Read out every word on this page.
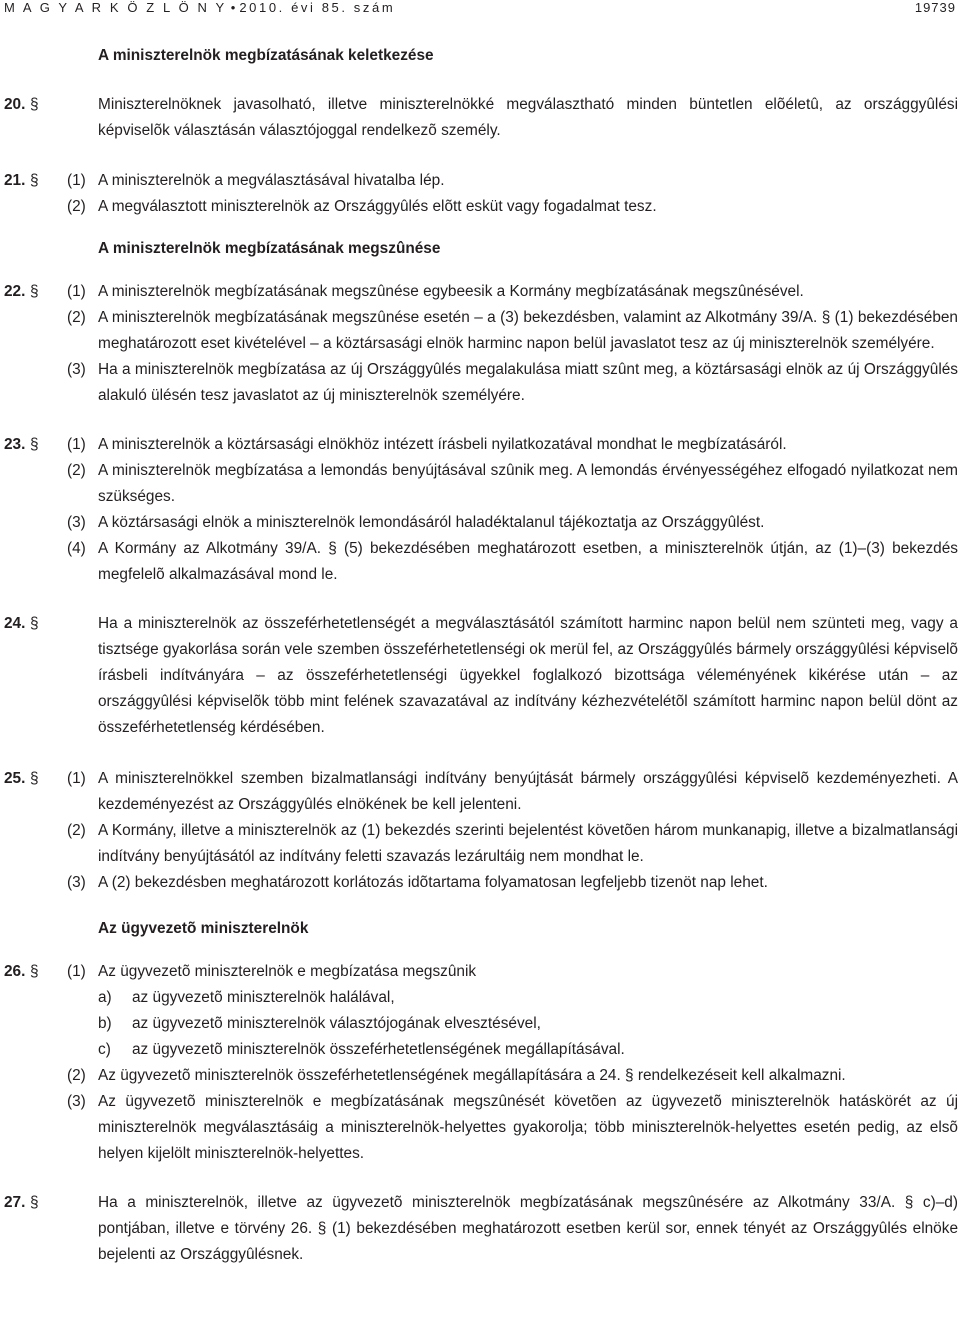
M A G Y A R K Ö Z L Ö N Y • 2010. évi 85. szám	19739

A miniszterelnök megbízatásának keletkezése

20. §	Miniszterelnöknek javasolható, illetve miniszterelnökké megválasztható minden büntetlen elõéletû, az országgyûlési képviselõk választásán választójoggal rendelkezõ személy.
21. § (1) A miniszterelnök a megválasztásával hivatalba lép.
(2) A megválasztott miniszterelnök az Országgyûlés elõtt esküt vagy fogadalmat tesz.

A miniszterelnök megbízatásának megszûnése

22. § (1) A miniszterelnök megbízatásának megszûnése egybeesik a Kormány megbízatásának megszûnésével.
(2) A miniszterelnök megbízatásának megszûnése esetén – a (3) bekezdésben, valamint az Alkotmány 39/A. § (1) bekezdésében meghatározott eset kivételével – a köztársasági elnök harminc napon belül javaslatot tesz az új miniszterelnök személyére.
(3) Ha a miniszterelnök megbízatása az új Országgyûlés megalakulása miatt szûnt meg, a köztársasági elnök az új Országgyûlés alakuló ülésén tesz javaslatot az új miniszterelnök személyére.
23. § (1) A miniszterelnök a köztársasági elnökhöz intézett írásbeli nyilatkozatával mondhat le megbízatásáról.
(2) A miniszterelnök megbízatása a lemondás benyújtásával szûnik meg. A lemondás érvényességéhez elfogadó nyilatkozat nem szükséges.
(3) A köztársasági elnök a miniszterelnök lemondásáról haladéktalanul tájékoztatja az Országgyûlést.
(4) A Kormány az Alkotmány 39/A. § (5) bekezdésében meghatározott esetben, a miniszterelnök útján, az (1)–(3) bekezdés megfelelõ alkalmazásával mond le.
24. §	Ha a miniszterelnök az összeférhetetlenségét a megválasztásától számított harminc napon belül nem szünteti meg, vagy a tisztsége gyakorlása során vele szemben összeférhetetlenségi ok merül fel, az Országgyûlés bármely országgyûlési képviselõ írásbeli indítványára – az összeférhetetlenségi ügyekkel foglalkozó bizottsága véleményének kikérése után – az országgyûlési képviselõk több mint felének szavazatával az indítvány kézhezvételétõl számított harminc napon belül dönt az összeférhetetlenség kérdésében.
25. § (1) A miniszterelnökkel szemben bizalmatlansági indítvány benyújtását bármely országgyûlési képviselõ kezdeményezheti. A kezdeményezést az Országgyûlés elnökének be kell jelenteni.
(2) A Kormány, illetve a miniszterelnök az (1) bekezdés szerinti bejelentést követõen három munkanapig, illetve a bizalmatlansági indítvány benyújtásától az indítvány feletti szavazás lezárultáig nem mondhat le.
(3) A (2) bekezdésben meghatározott korlátozás idõtartama folyamatosan legfeljebb tizenöt nap lehet.

Az ügyvezetõ miniszterelnök

26. § (1) Az ügyvezetõ miniszterelnök e megbízatása megszûnik
a) az ügyvezetõ miniszterelnök halálával,
b) az ügyvezetõ miniszterelnök választójogának elvesztésével,
c) az ügyvezetõ miniszterelnök összeférhetetlenségének megállapításával.
(2) Az ügyvezetõ miniszterelnök összeférhetetlenségének megállapítására a 24. § rendelkezéseit kell alkalmazni.
(3) Az ügyvezetõ miniszterelnök e megbízatásának megszûnését követõen az ügyvezetõ miniszterelnök hatáskörét az új miniszterelnök megválasztásáig a miniszterelnök-helyettes gyakorolja; több miniszterelnök-helyettes esetén pedig, az elsõ helyen kijelölt miniszterelnök-helyettes.
27. §	Ha a miniszterelnök, illetve az ügyvezetõ miniszterelnök megbízatásának megszûnésére az Alkotmány 33/A. § c)–d) pontjában, illetve e törvény 26. § (1) bekezdésében meghatározott esetben kerül sor, ennek tényét az Országgyûlés elnöke bejelenti az Országgyûlésnek.
